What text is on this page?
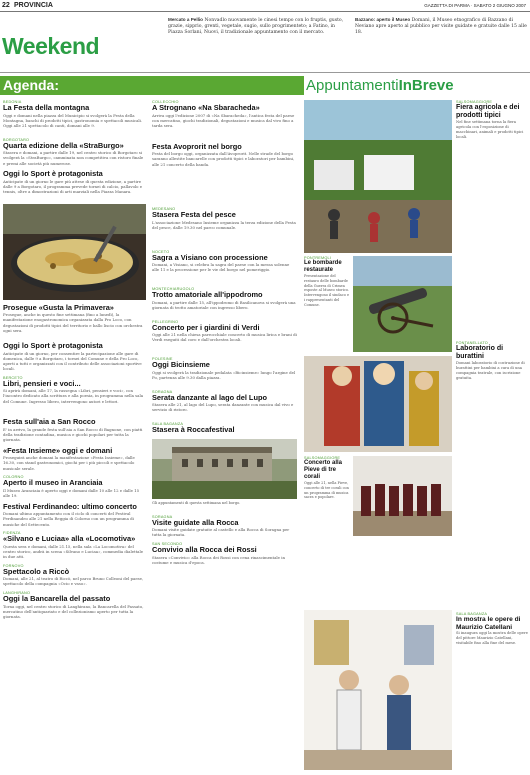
22 PROVINCIA	GAZZETTA DI PARMA · SABATO 2 GIUGNO 2007
Weekend
Mercato a Pellio Nonvadlo nuovamente le cinesi tempo con lo fruptis, gusto, grazie, sipprio, grenti, vegetale, sugio, sullo progrimenteto; a Fatino, in Piazza Sorlani, Nuovi, il tradizionale appuntamento con il mercato.
Bazzano: aperto il Museo Domani, il Museo etnografico di Bazzano di Neviano apre aperto al pubblico per visite guidate e gratuite dalle 15 alle 18.
Agenda:	AppuntamentiInBreve
BEDONIA
La Festa della montagna
Oggi e domani nella piazza del Municipio si svolgerà la Festa della Montagna, banchi di prodotti tipici, gastronomia e spettacoli musicali. Oggi alle 21 spettacolo di canti, domani alle 9.
BORGOTARO
Quarta edizione della «StraBurgo»
Stasera e domani, a partire dalle 19, nel centro storico di Borgotaro si svolgerà la «StraBurgo», camminata non competitiva con ristoro finale e premi alle società più numerose.
Oggi lo Sport è protagonista
Anticipate di un giorno le gare più attese di questa edizione, a partire dalle 9 a Borgotaro, il programma prevede tornei di calcio, pallavolo e tennis, oltre a dimostrazioni di arti marziali nella Piazza Manara.
Prosegue «Gusta la Primavera»
Prosegue, anche in questo fine settimana (fino a lunedì), la manifestazione enogastronomica organizzata dalla Pro Loco, con degustazioni di prodotti tipici del territorio e ballo liscio con orchestra ogni sera.
Oggi lo Sport è protagonista
Anticipate di un giorno, per consentire la partecipazione alle gare di domenica, dalle 9 a Borgotaro, i tornei del Comune e della Pro Loco, aperti a tutti e organizzati con il contributo delle associazioni sportive locali.
BERCETO
Libri, pensieri e voci...
Si aprirà domani, alle 17, la rassegna «Libri, pensieri e voci», con l'incontro dedicato alla scrittura e alla poesia, in programma nella sala del Comune. Ingresso libero, intervengono autori e lettori.
Festa sull'aia a San Rocco
E' in arrivo, la grande festa sull'aia a San Rocco di Bagnone, con piatti della tradizione contadina, musica e giochi popolari per tutta la giornata.
«Festa Insieme» oggi e domani
Proseguirà anche domani la manifestazione «Festa Insieme», dalle 16.30, con stand gastronomici, giochi per i più piccoli e spettacolo musicale serale.
COLORNO
Aperto il museo in Aranciaia
Il Museo Aranciaia è aperto oggi e domani dalle 10 alle 12 e dalle 15 alle 19.
Festival Ferdinandeo: ultimo concerto
Domani ultimo appuntamento con il ciclo di concerti del Festival Ferdinandeo alle 21 nella Reggia di Colorno con un programma di musiche del Settecento.
FIDENZA
«Silvano e Luciaa» alla «Locomotiva»
Questa sera e domani, dalle 21.15, nella sala «La Locomotiva» del centro storico, andrà in scena «Silvano e Luciaa», commedia dialettale in due atti.
FORNOVO
Spettacolo a Riccò
Domani, alle 21, al teatro di Riccò, nel parco Bruno Colleoni del paese, spettacolo della compagnia «Ocio e vaso».
LANGHIRANO
Oggi la Bancarella del passato
Torna oggi, nel centro storico di Langhirano, la Bancarella del Passato, mercatino dell'antiquariato e del collezionismo aperto per tutta la giornata.
COLLECCHIO
A Strognano «Na Sbaracheda»
Arriva oggi l'edizione 2007 di «Na Sbaracheda», l'antica festa del paese con mercatino, giochi tradizionali, degustazioni e musica dal vivo fino a tarda sera.
Festa Avoprorit nel borgo
Festa del borgo oggi, organizzata dall'Avoprorit. Nelle strade del borgo saranno allestite bancarelle con prodotti tipici e laboratori per bambini, alle 21 concerto della banda.
MEDESANO
Stasera Festa del pesce
L'associazione Medesano Insieme organizza la terza edizione della Festa del pesce, dalle 19.30 nel parco comunale.
NOCETO
Sagra a Visiano con processione
Domani, a Visiano, si celebra la sagra del paese con la messa solenne alle 11 e la processione per le vie del borgo nel pomeriggio.
MONTECHIARUGOLO
Trotto amatoriale all'ippodromo
Domani, a partire dalle 15, all'ippodromo di Basilicanova si svolgerà una giornata di trotto amatoriale con ingresso libero.
PELLEGRINO
Concerto per i giardini di Verdi
Oggi alle 21 nella chiesa parrocchiale concerto di musica lirica e brani di Verdi eseguiti dal coro e dall'orchestra locali.
POLESINE
Oggi Bicinsieme
Oggi si svolgerà la tradizionale pedalata «Bicinsieme» lungo l'argine del Po, partenza alle 9.30 dalla piazza.
SORAGNA
Serata danzante al lago del Lupo
Stasera alle 21, al lago del Lupo, serata danzante con musica dal vivo e servizio di ristoro.
SALA BAGANZA
Stasera à Roccafestival
Gli appuntamenti di questa settimana nel borgo.
SORAGNA
Visite guidate alla Rocca
Domani visite guidate gratuite al castello e alla Rocca di Soragna per tutta la giornata.
SAN SECONDO
Convivio alla Rocca dei Rossi
Stasera «Convivio» alla Rocca dei Rossi con cena rinascimentale in costume e musica d'epoca.
PONTREMOLI
Le bombarde restaurate
Presentazione del restauro delle bombarde della Guerra di Crimea esposte al Museo storico. Intervengono il sindaco e i rappresentanti del Comune.
SALSOMAGGIORE
Concerto alla Pieve di tre corali
Oggi alle 21, nella Pieve, concerto di tre corali con un programma di musica sacra e popolare.
SALSOMAGGIORE
Fiera agricola e dei prodotti tipici
Nel fine settimana torna la fiera agricola con l'esposizione di macchinari, animali e prodotti tipici locali.
FONTANELLATO
Laboratorio di burattini
Domani laboratorio di costruzione di burattini per bambini a cura di una compagnia teatrale, con iscrizione gratuita.
SALA BAGANZA
In mostra le opere di Maurizio Catellani
Si inaugura oggi la mostra delle opere del pittore Maurizio Catellani, visitabile fino alla fine del mese.
